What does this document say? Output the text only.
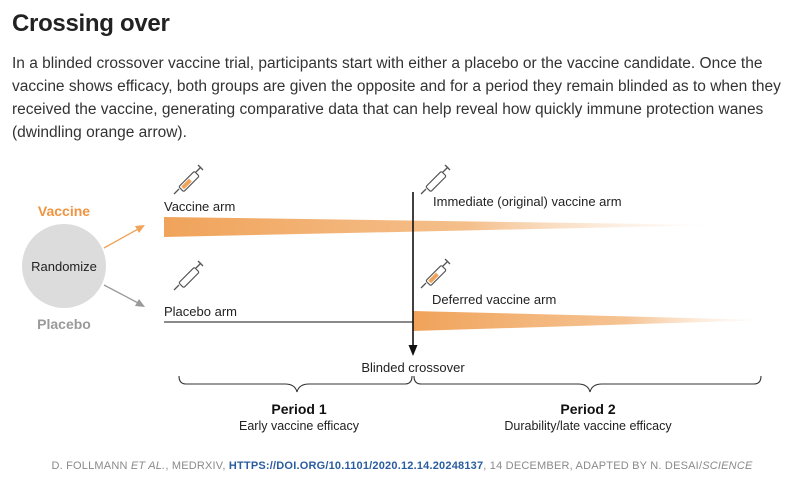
Crossing over
In a blinded crossover vaccine trial, participants start with either a placebo or the vaccine candidate. Once the vaccine shows efficacy, both groups are given the opposite and for a period they remain blinded as to when they received the vaccine, generating comparative data that can help reveal how quickly immune protection wanes (dwindling orange arrow).
Randomize
Vaccine
Placebo
Vaccine arm
Placebo arm
Immediate (original) vaccine arm
Deferred vaccine arm
Blinded crossover
Period 1
Early vaccine efficacy
Period 2
Durability/late vaccine efficacy
D. FOLLMANN ET AL., MEDRXIV, HTTPS://DOI.ORG/10.1101/2020.12.14.20248137, 14 DECEMBER, ADAPTED BY N. DESAI/SCIENCE
